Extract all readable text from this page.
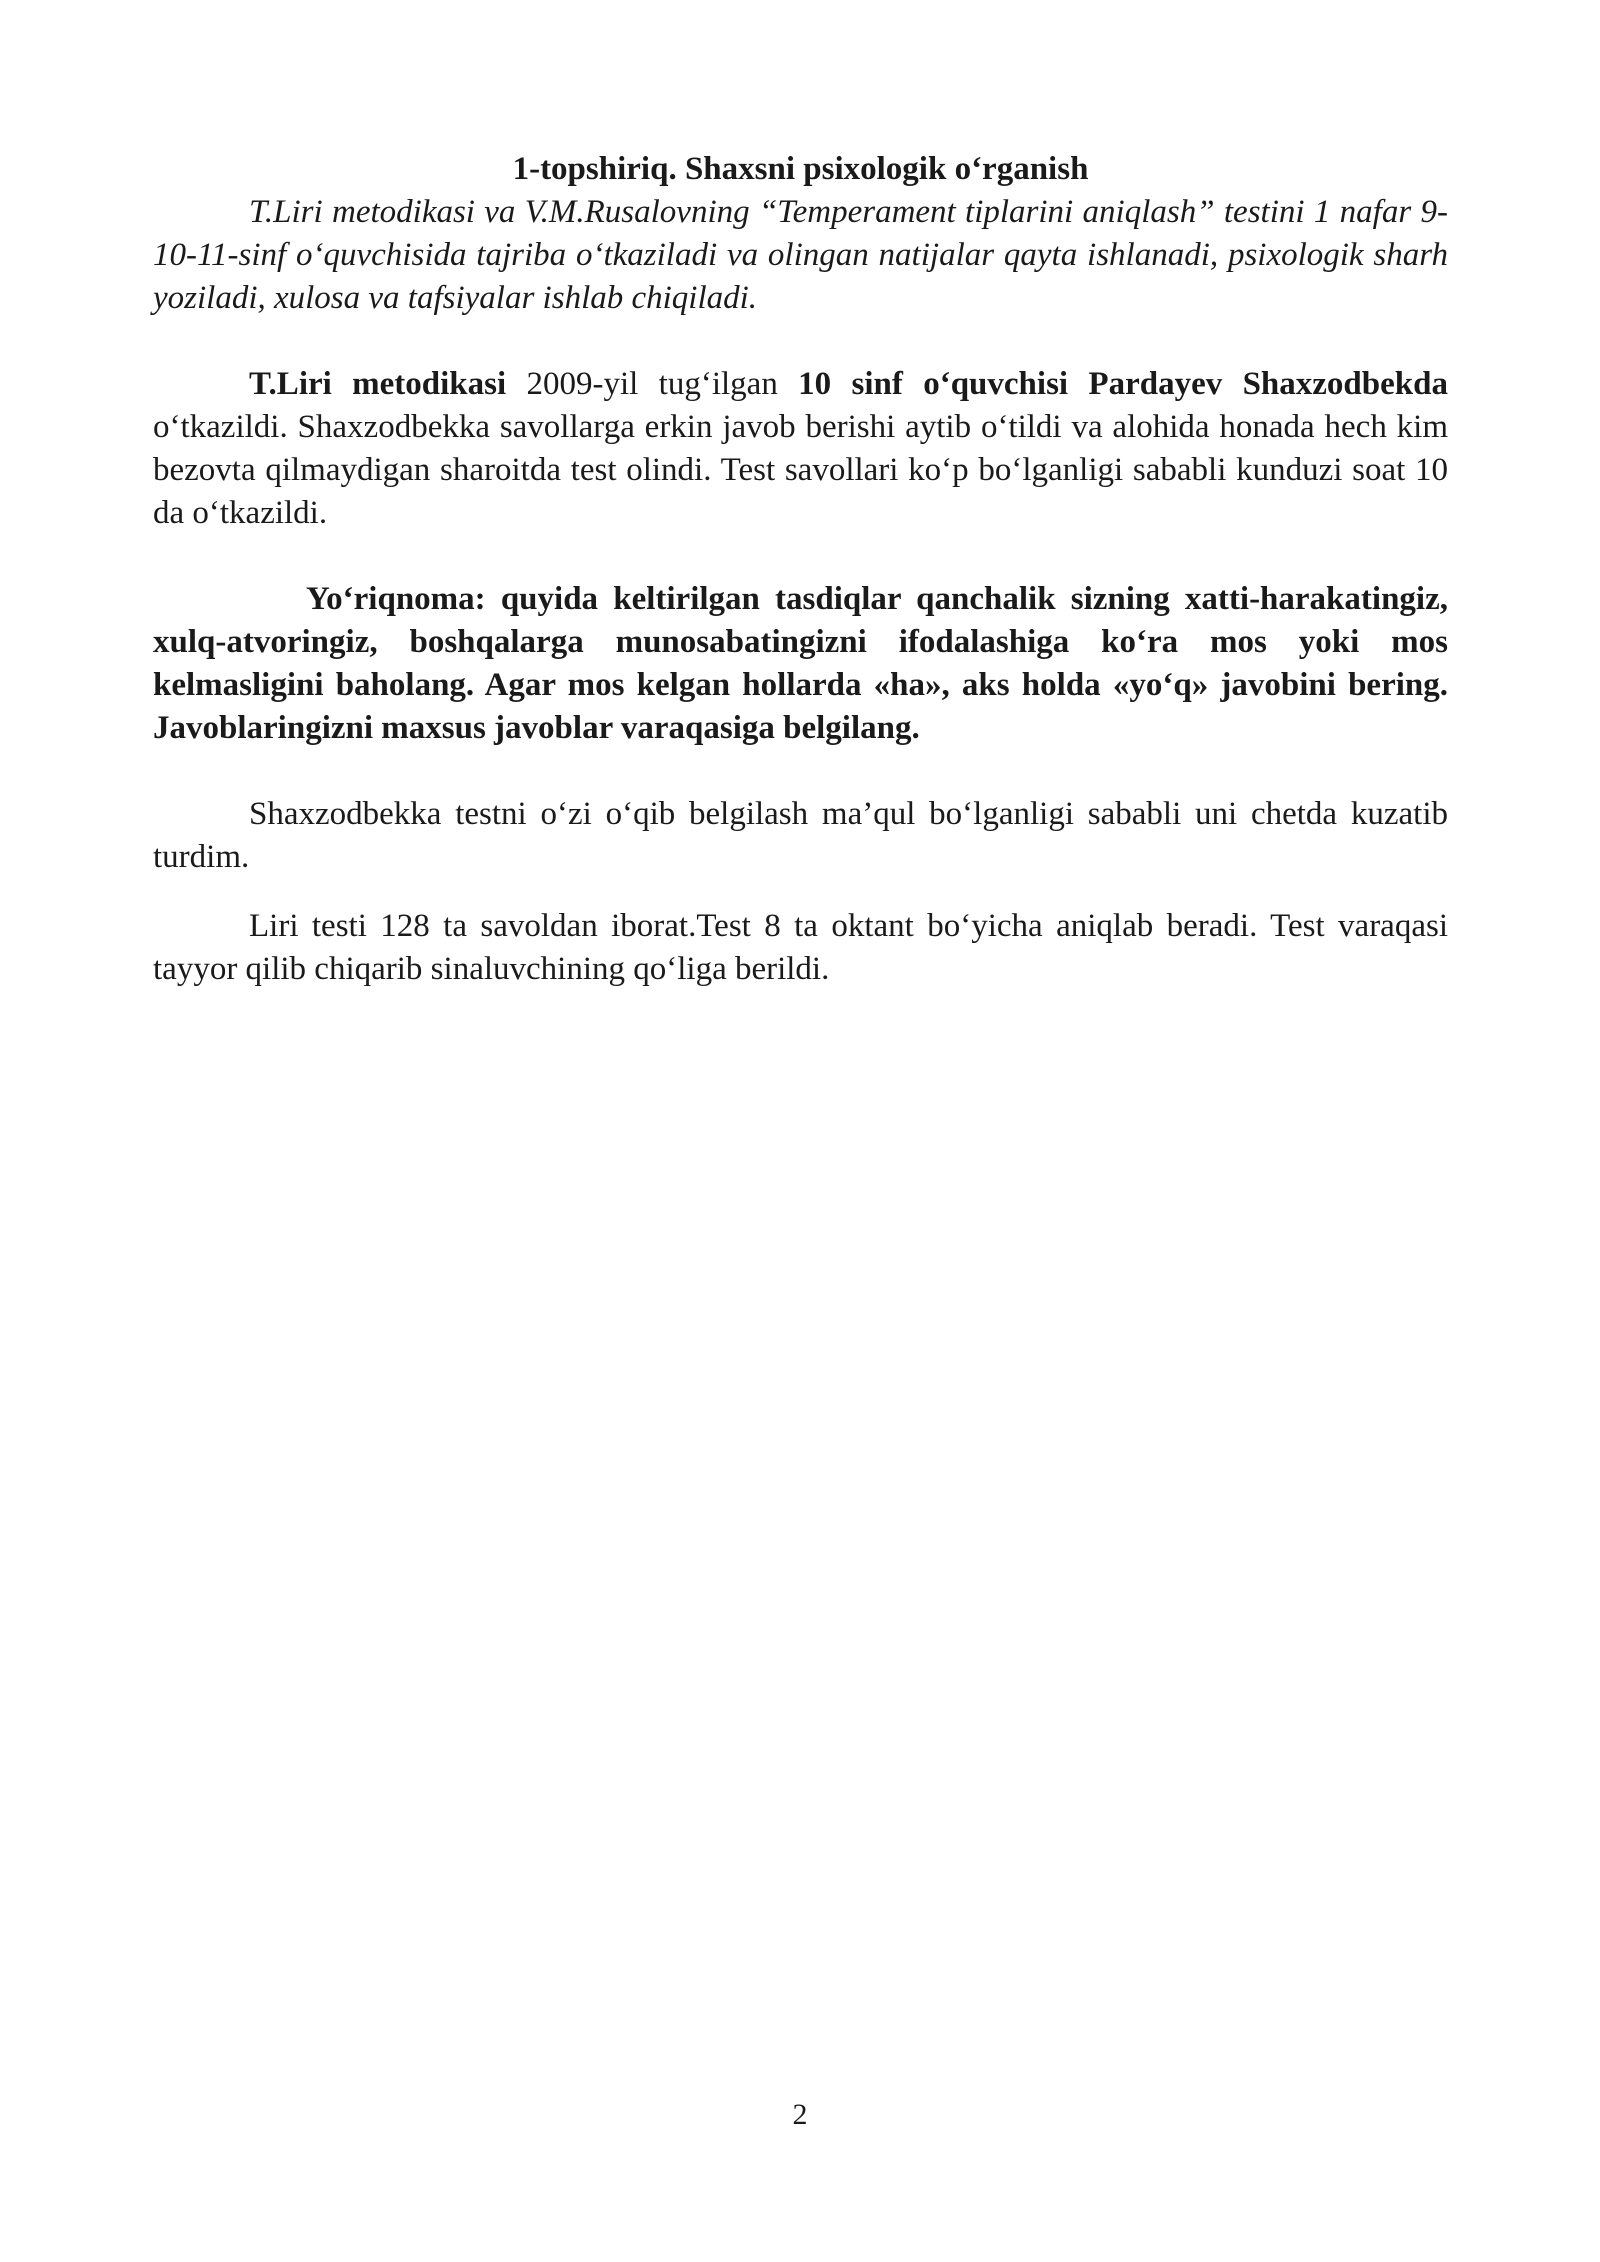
1-topshiriq. Shaxsni psixologik o‘rganish

T.Liri metodikasi va V.M.Rusalovning “Temperament tiplarini aniqlash” testini 1 nafar 9-10-11-sinf o‘quvchisida tajriba o‘tkaziladi va olingan natijalar qayta ishlanadi, psixologik sharh yoziladi, xulosa va tafsiyalar ishlab chiqiladi.

T.Liri metodikasi 2009-yil tug‘ilgan 10 sinf o‘quvchisi Pardayev Shaxzodbekda o‘tkazildi. Shaxzodbekka savollarga erkin javob berishi aytib o‘tildi va alohida honada hech kim bezovta qilmaydigan sharoitda test olindi. Test savollari ko‘p bo‘lganligi sababli kunduzi soat 10 da o‘tkazildi.

Yo‘riqnoma: quyida keltirilgan tasdiqlar qanchalik sizning xatti-harakatingiz, xulq-atvoringiz, boshqalarga munosabatingizni ifodalashiga ko‘ra mos yoki mos kelmasligini baholang. Agar mos kelgan hollarda «ha», aks holda «yo‘q» javobini bering. Javoblaringizni maxsus javoblar varaqasiga belgilang.

Shaxzodbekka testni o‘zi o‘qib belgilash ma’qul bo‘lganligi sababli uni chetda kuzatib turdim.

Liri testi 128 ta savoldan iborat.Test 8 ta oktant bo‘yicha aniqlab beradi. Test varaqasi tayyor qilib chiqarib sinaluvchining qo‘liga berildi.

2
